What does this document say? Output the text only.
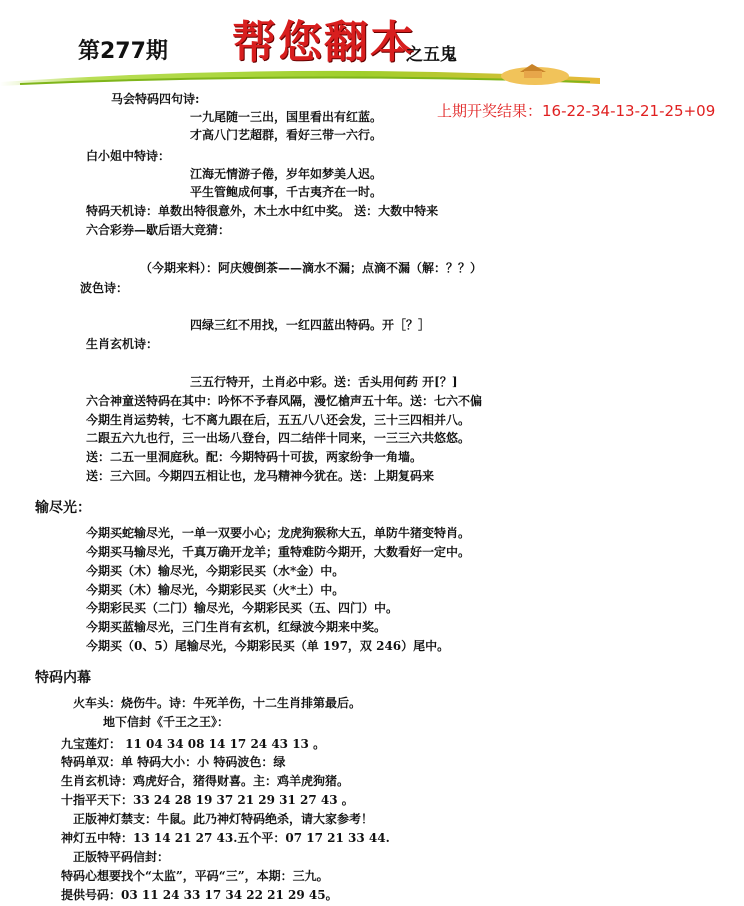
第277期 帮您翻本
之五鬼
上期开奖结果：16-22-34-13-21-25+09
马会特码四句诗:
一九尾随一三出，国里看出有红蓝。
才高八门艺超群，看好三带一六行。
白小姐中特诗：
江海无情游子倦，岁年如梦美人迟。
平生管鲍成何事，千古夷齐在一时。
特码天机诗：单数出特很意外，木土水中红中奖。 送：大数中特来
六合彩券—歇后语大竞猜：
（今期来料）：阿庆嫂倒茶——滴水不漏；点滴不漏（解：？？）
波色诗：
四绿三红不用找，一红四蓝出特码。开［？］
生肖玄机诗：
三五行特开，土肖必中彩。送：舌头用何药 开[？]
六合神童送特码在其中：吟怀不予春风隔，漫忆槍声五十年。送：七六不偏
今期生肖运势转，七不离九跟在后，五五八八还会发，三十三四相并八。
二跟五六九也行，三一出场八登台，四二结伴十同来，一三三六共悠悠。
送：二五一里洞庭秋。配：今期特码十可拔，两家纷争一角墙。
送：三六回。今期四五相让也，龙马精神今犹在。送：上期复码来
输尽光：
今期买蛇输尽光，一单一双要小心；龙虎狗猴称大五，单防牛猪变特肖。
今期买马输尽光，千真万确开龙羊；重特难防今期开，大数看好一定中。
今期买（木）输尽光，今期彩民买（水*金）中。
今期买（木）输尽光，今期彩民买（火*土）中。
今期彩民买（二门）输尽光，今期彩民买（五、四门）中。
今期买蓝输尽光，三门生肖有玄机，红绿波今期来中奖。
今期买（0、5）尾输尽光，今期彩民买（单 197，双 246）尾中。
特码内幕
火车头：烧伤牛。诗：牛死羊伤，十二生肖排第最后。
地下信封《千王之王》：
九宝莲灯： 11 04 34 08 14 17 24 43 13 。
特码单双：单 特码大小：小 特码波色：绿
生肖玄机诗：鸡虎好合，猪得财喜。主：鸡羊虎狗猪。
十指平天下：33 24 28 19 37 21 29 31 27 43 。
正版神灯禁支：牛鼠。此乃神灯特码绝杀，请大家参考！
神灯五中特：13 14 21 27 43.五个平：07 17 21 33 44.
正版特平码信封：
特码心想要找个“太监”，平码“三”，本期：三九。
提供号码：03 11 24 33 17 34 22 21 29 45。
